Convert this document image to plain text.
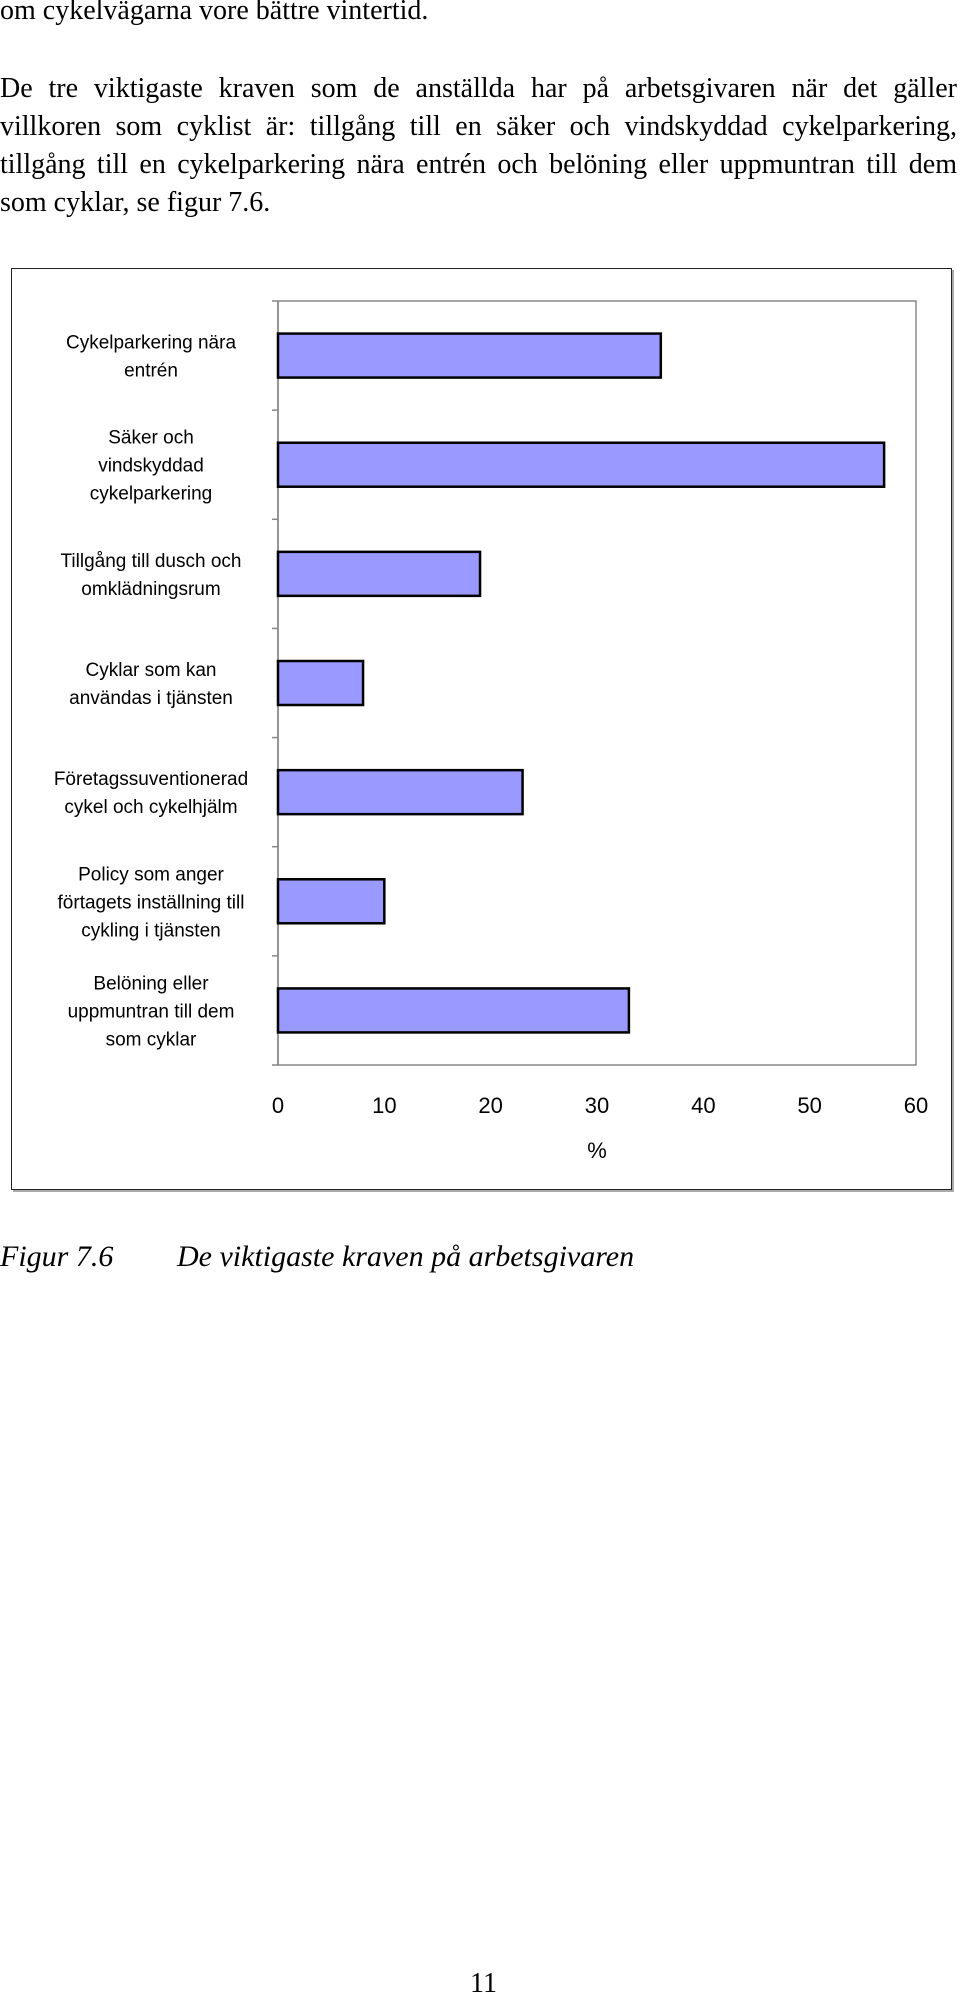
om cykelvägarna vore bättre vintertid.

De tre viktigaste kraven som de anställda har på arbetsgivaren när det gäller villkoren som cyklist är: tillgång till en säker och vindskyddad cykelparkering, tillgång till en cykelparkering nära entrén och belöning eller uppmuntran till dem som cyklar, se figur 7.6.

Cykelparkering nära entrén
Säker och vindskyddad cykelparkering
Tillgång till dusch och omklädningsrum
Cyklar som kan användas i tjänsten
Företagssuventionerad cykel och cykelhjälm
Policy som anger förtagets inställning till cykling i tjänsten
Belöning eller uppmuntran till dem som cyklar
0	10	20	30	40	50	60
%
Figur 7.6 De viktigaste kraven på arbetsgivaren
11
